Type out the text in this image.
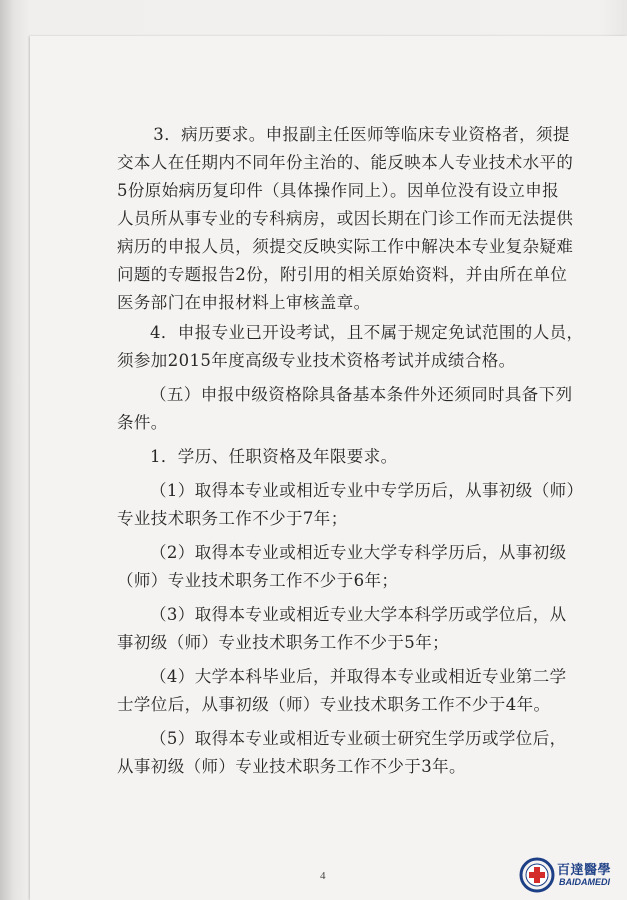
3．病历要求。申报副主任医师等临床专业资格者，须提
交本人在任期内不同年份主治的、能反映本人专业技术水平的
5份原始病历复印件（具体操作同上）。因单位没有设立申报
人员所从事专业的专科病房，或因长期在门诊工作而无法提供
病历的申报人员，须提交反映实际工作中解决本专业复杂疑难
问题的专题报告2份，附引用的相关原始资料，并由所在单位
医务部门在申报材料上审核盖章。

4．申报专业已开设考试，且不属于规定免试范围的人员，
须参加2015年度高级专业技术资格考试并成绩合格。

（五）申报中级资格除具备基本条件外还须同时具备下列
条件。

1．学历、任职资格及年限要求。

（1）取得本专业或相近专业中专学历后，从事初级（师）
专业技术职务工作不少于7年；

（2）取得本专业或相近专业大学专科学历后，从事初级
（师）专业技术职务工作不少于6年；

（3）取得本专业或相近专业大学本科学历或学位后，从
事初级（师）专业技术职务工作不少于5年；

（4）大学本科毕业后，并取得本专业或相近专业第二学
士学位后，从事初级（师）专业技术职务工作不少于4年。

（5）取得本专业或相近专业硕士研究生学历或学位后，
从事初级（师）专业技术职务工作不少于3年。

4	百達醫學
BAIDAMEDI
